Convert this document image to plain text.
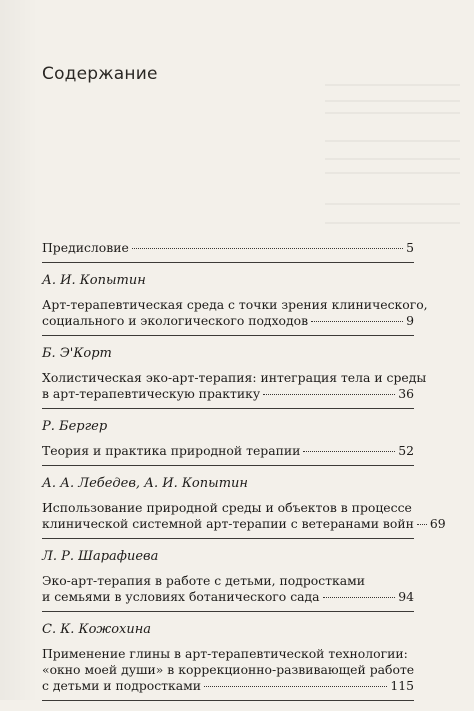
Содержание
Предисловие	5
А. И. Копытин
Арт-терапевтическая среда с точки зрения клинического,
социального и экологического подходов	9
Б. Э'Корт
Холистическая эко-арт-терапия: интеграция тела и среды
в арт-терапевтическую практику	36
Р. Бергер
Теория и практика природной терапии	52
А. А. Лебедев, А. И. Копытин
Использование природной среды и объектов в процессе
клинической системной арт-терапии с ветеранами войн 69
Л. Р. Шарафиева
Эко-арт-терапия в работе с детьми, подростками
и семьями в условиях ботанического сада	94
С. К. Кожохина
Применение глины в арт-терапевтической технологии:
«окно моей души» в коррекционно-развивающей работе
с детьми и подростками	115
